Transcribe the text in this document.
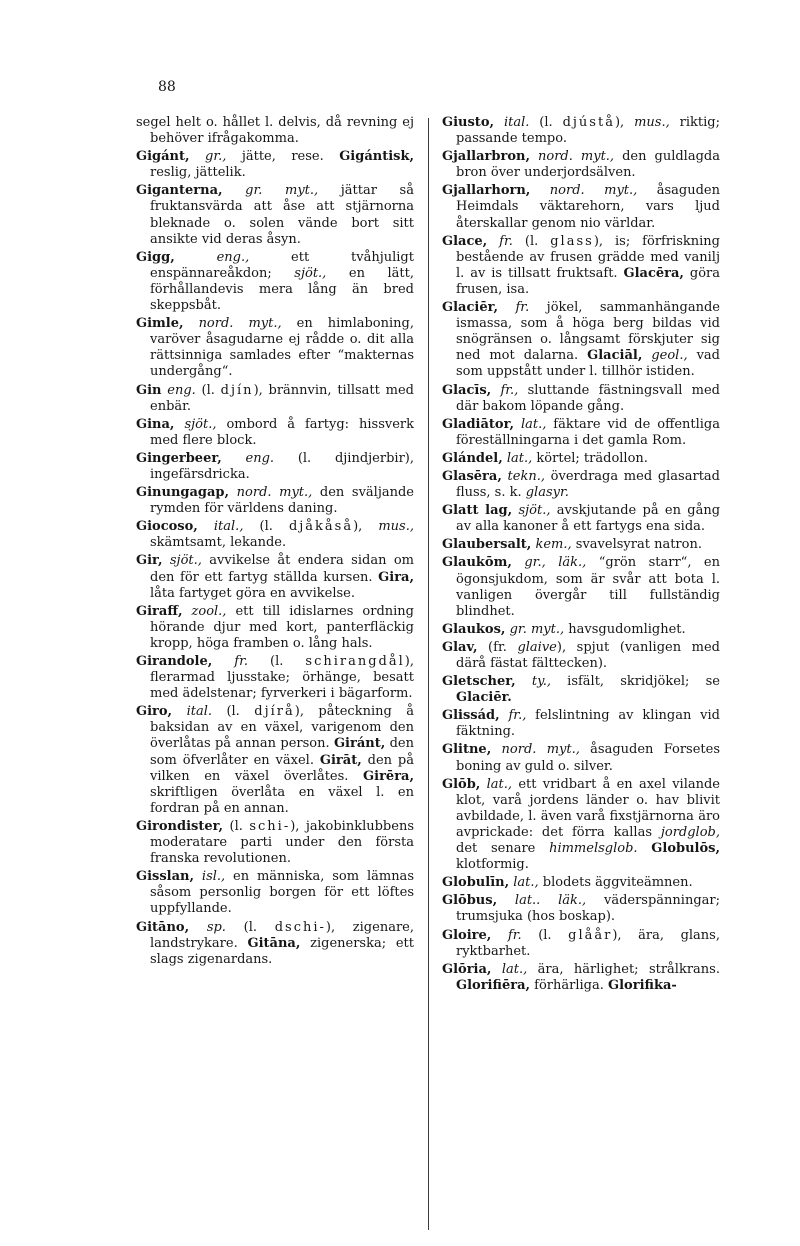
88

segel helt o. hållet l. delvis, då revning ej behöver ifrågakomma.

Gigánt, gr., jätte, rese. Gigántisk, reslig, jättelik.

Giganterna, gr. myt., jättar så fruktansvärda att åse att stjärnorna bleknade o. solen vände bort sitt ansikte vid deras åsyn.

Gigg,	eng., ett tvåhjuligt enspännareåkdon; sjöt., en lätt, förhållandevis mera lång än bred skeppsbåt.

Gimle, nord. myt., en himlaboning, varöver åsagudarne ej rådde o. dit alla rättsinniga samlades efter “makternas undergång“.

Gin eng. (l. djín), brännvin, tillsatt med enbär.

Gina, sjöt., ombord å fartyg: hissverk med flere block.

Gingerbeer, eng. (l. djindjerbir), ingefärsdricka.

Ginungagap, nord. myt., den sväljande rymden för världens daning.

Giocoso, ital., (l. djåkåså), mus., skämtsamt, lekande.

Gir, sjöt., avvikelse åt endera sidan om den för ett fartyg ställda kursen. Gira, låta fartyget göra en avvikelse.

Giraff, zool., ett till idislarnes ordning hörande djur med kort, panterfläckig kropp, höga framben o. lång hals.

Girandole, fr. (l. schirangdål), flerarmad ljusstake; örhänge, besatt med ädelstenar; fyrverkeri i bägarform.

Giro, ital. (l. djírå), påteckning å baksidan av en växel, varigenom den överlåtas på annan person. Giránt, den som öfverlåter en växel. Girāt, den på vilken en växel överlåtes. Girēra, skriftligen överlåta en växel l. en fordran på en annan.

Girondister, (l. schi-), jakobinklubbens moderatare parti under den första franska revolutionen.

Gisslan, isl., en människa, som lämnas såsom personlig borgen för ett löftes uppfyllande.

Gitāno, sp. (l. dschi-), zigenare, landstrykare. Gitāna, zigenerska; ett slags zigenardans.

Giusto, ital. (l. djústå), mus., riktig; passande tempo.

Gjallarbron, nord. myt., den guldlagda bron över underjordsälven.

Gjallarhorn, nord. myt., åsaguden Heimdals väktarehorn, vars ljud återskallar genom nio världar.

Glace, fr. (l. glass), is; förfriskning bestående av frusen grädde med vanilj l. av is tillsatt fruktsaft. Glacēra, göra frusen, isa.

Glaciēr, fr. jökel, sammanhängande ismassa, som å höga berg bildas vid snögränsen o. långsamt förskjuter sig ned mot dalarna. Glaciāl, geol., vad som uppstått under l. tillhör istiden.

Glacīs, fr., sluttande fästningsvall med där bakom löpande gång.

Gladiātor, lat., fäktare vid de offentliga föreställningarna i det gamla Rom.

Glándel, lat., körtel; trädollon.

Glasēra, tekn., överdraga med glasartad fluss, s. k. glasyr.

Glatt lag, sjöt., avskjutande på en gång av alla kanoner å ett fartygs ena sida.

Glaubersalt, kem., svavelsyrat natron.

Glaukōm, gr., läk., “grön starr“, en ögonsjukdom, som är svår att bota l. vanligen övergår till fullständig blindhet.

Glaukos, gr. myt., havsgudomlighet.

Glav, (fr. glaive), spjut (vanligen med därå fästat fälttecken).

Gletscher, ty., isfält, skridjökel; se Glaciēr.

Glissád, fr., felslintning av klingan vid fäktning.

Glitne, nord. myt., åsaguden Forsetes boning av guld o. silver.

Glōb, lat., ett vridbart å en axel vilande klot, varå jordens länder o. hav blivit avbildade, l. även varå fixstjärnorna äro avprickade: det förra kallas jordglob, det senare himmelsglob. Globulōs, klotformig.

Globulīn, lat., blodets äggviteämnen.

Glōbus, lat.. läk., väderspänningar; trumsjuka (hos boskap).

Gloire, fr. (l. glåår), ära, glans, ryktbarhet.

Glōria, lat., ära, härlighet; strålkrans. Glorifiēra, förhärliga. Glorifika-
